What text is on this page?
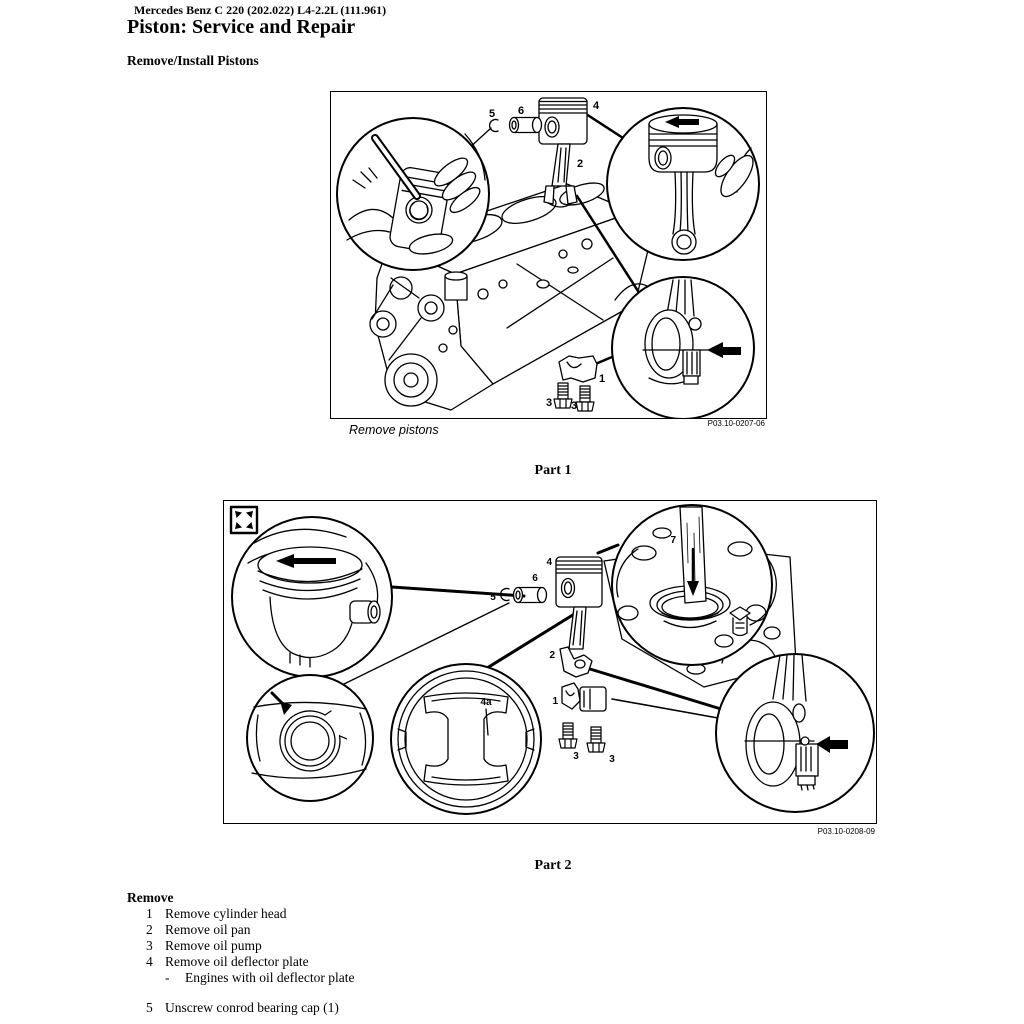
Mercedes Benz C 220 (202.022) L4-2.2L (111.961)
Piston: Service and Repair
Remove/Install Pistons
5 6	4
2
1
3 3
Remove pistons	P03.10-0207-06
Part 1
5
6
4
2
7
4a	1
3	3
P03.10-0208-09
Part 2
Remove
1 Remove cylinder head
2 Remove oil pan
3 Remove oil pump
4 Remove oil deflector plate
-	Engines with oil deflector plate
5 Unscrew conrod bearing cap (1)
